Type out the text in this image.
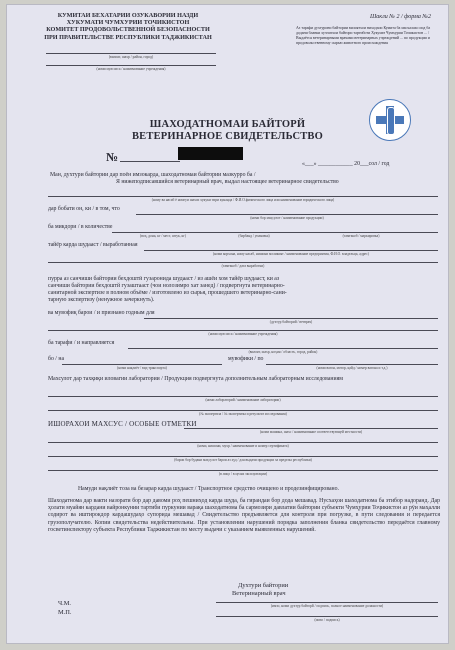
КУМИТАИ БЕХАТАРИИ ОЗУКАВОРИИ НАЗДИ
ХУКУМАТИ ЧУМХУРИИ ТОЧИКИСТОН
КОМИТЕТ ПРОДОВОЛЬСТВЕННОЙ БЕЗОПАСНОСТИ
ПРИ ПРАВИТЕЛЬСТВЕ РЕСПУБЛИКИ ТАДЖИКИСТАН
(вилоят, шахр / район, город)
(номи муассиса / наименование учреждения)
Шакли № 2 / форма №2
Аз тарафи духтурони байтории вилоятхои ниходхои Кумита ба масъалахо оид ба додани бланки хуччатхои байтори тартиботи Хукумат Чумхурии Точикистон ... / Выдаётся ветеринарными врачами ветеринарных учреждений ... по продукции и продовольственному сырью животного происхождения
ШАХОДАТНОМАИ БАЙТОРЙ
ВЕТЕРИНАРНОЕ СВИДЕТЕЛЬСТВО
№	«___» ____________ 20___сол / год
Ман, духтури байтории дар поён имзокарда, шаходатномаи байтории мазкурро ба /
Я нижеподписавшийся ветеринарный врач, выдал настоящее ветеринарное свидетельство
(ному ва насаб ё номгуи шахси хукуки тири кунанда / Ф.И.О.физического лица или наименование юридического лица)
дар бобати он, ки / в том, что
(номи бор маҳсулот / наименование продукции)
ба микдори / в количестве
(воҳ, дона, кг / мест, штук, кг)	(барбанд / упаковка)	(тамғакоб / маркировка)
тайёр карда шудааст / выработанная
(номи корхона, ному насаб, нишони моликият / наименование предприятия, Ф.И.О. владельца, адрес)
(тамғакоб / дата выработки)
пурра аз санчиши байтории бехдоштӣ гузаронида шудааст / из ашёи хом тайёр шудааст, ки аз
санчиши байтории бехдоштй гузаштааст (чои нолозимро хат занед) / подвергнута ветеринарно-
санитарной экспертизе в полном объёме / изготовлено из сырья, прошедшего ветеринарно-сани-
тарную экспертизу (ненужное зачеркнуть).
ва мувофиқ барои / и признано годным для
(духтур байторий / ветврач)
(номи муассиса / наименование учреждения)
ба тарафи / и направляется
(вилоят, шахр, ноҳия / область, город, район)
бо / на	мувофики / по
(номи нақлиёт / вид транспорта)	(номи вагон, мотор, қайд / номер вагона и т.д.)
Махсулот дар тахқиқи иловагии лаборатории / Продукция подвергнута дополнительным лабораторным исследованиям
(номи лабораторий / наименование лаборатории)
(№ экспертиза / № экспертизы и результат исследования)
ИШОРАХОИ МАХСУС / ОСОБЫЕ ОТМЕТКИ
(номи машина, шахс / наименование соответствующей местности)
(номи, нишони, мухр / наименование и номер сертификата)
(барои бор будани маҳсулот барои аз худ / для выдачи продукции за пределы республики)
(в лицо / в целях эксплуатации)
Намуди нақлиёт тоза ва безарар карда шудааст / Транспортное средство очищено и продезинфицировано.
Шаходатнома дар вакти назорати бор дар давоми роҳ пешниҳод карда шуда, ба гирандаи бор дода мешавад. Нусхаҳои шаходатнома ба этибор надоранд. Дар ҳолати муайян кардани вайронкунии тартиби пуркунии варақа шаходатнома ба сармозири давлатии байтории субъекти Чумҳурии Тоҷикистон аз рӯи маҳалли содирот ва иштирокдор кардашудаҳо супорида мешавад / Свидетельство предъявляется для контроля при погрузке, в пути следования и передается грузополучателю. Копии свидетельства недействительны. При установлении нарушений порядка заполнения бланка свидетельство передаётся главному госветинспектору субъекта Республики Таджикистан по месту выдачи с указанием выявленных нарушений.
Духтури байтории
Ветеринарный врач
Ч.М.
М.П.
(имзо, номи духтур байторй / подпись, полное наименование должности)
(имзо / подпись)
